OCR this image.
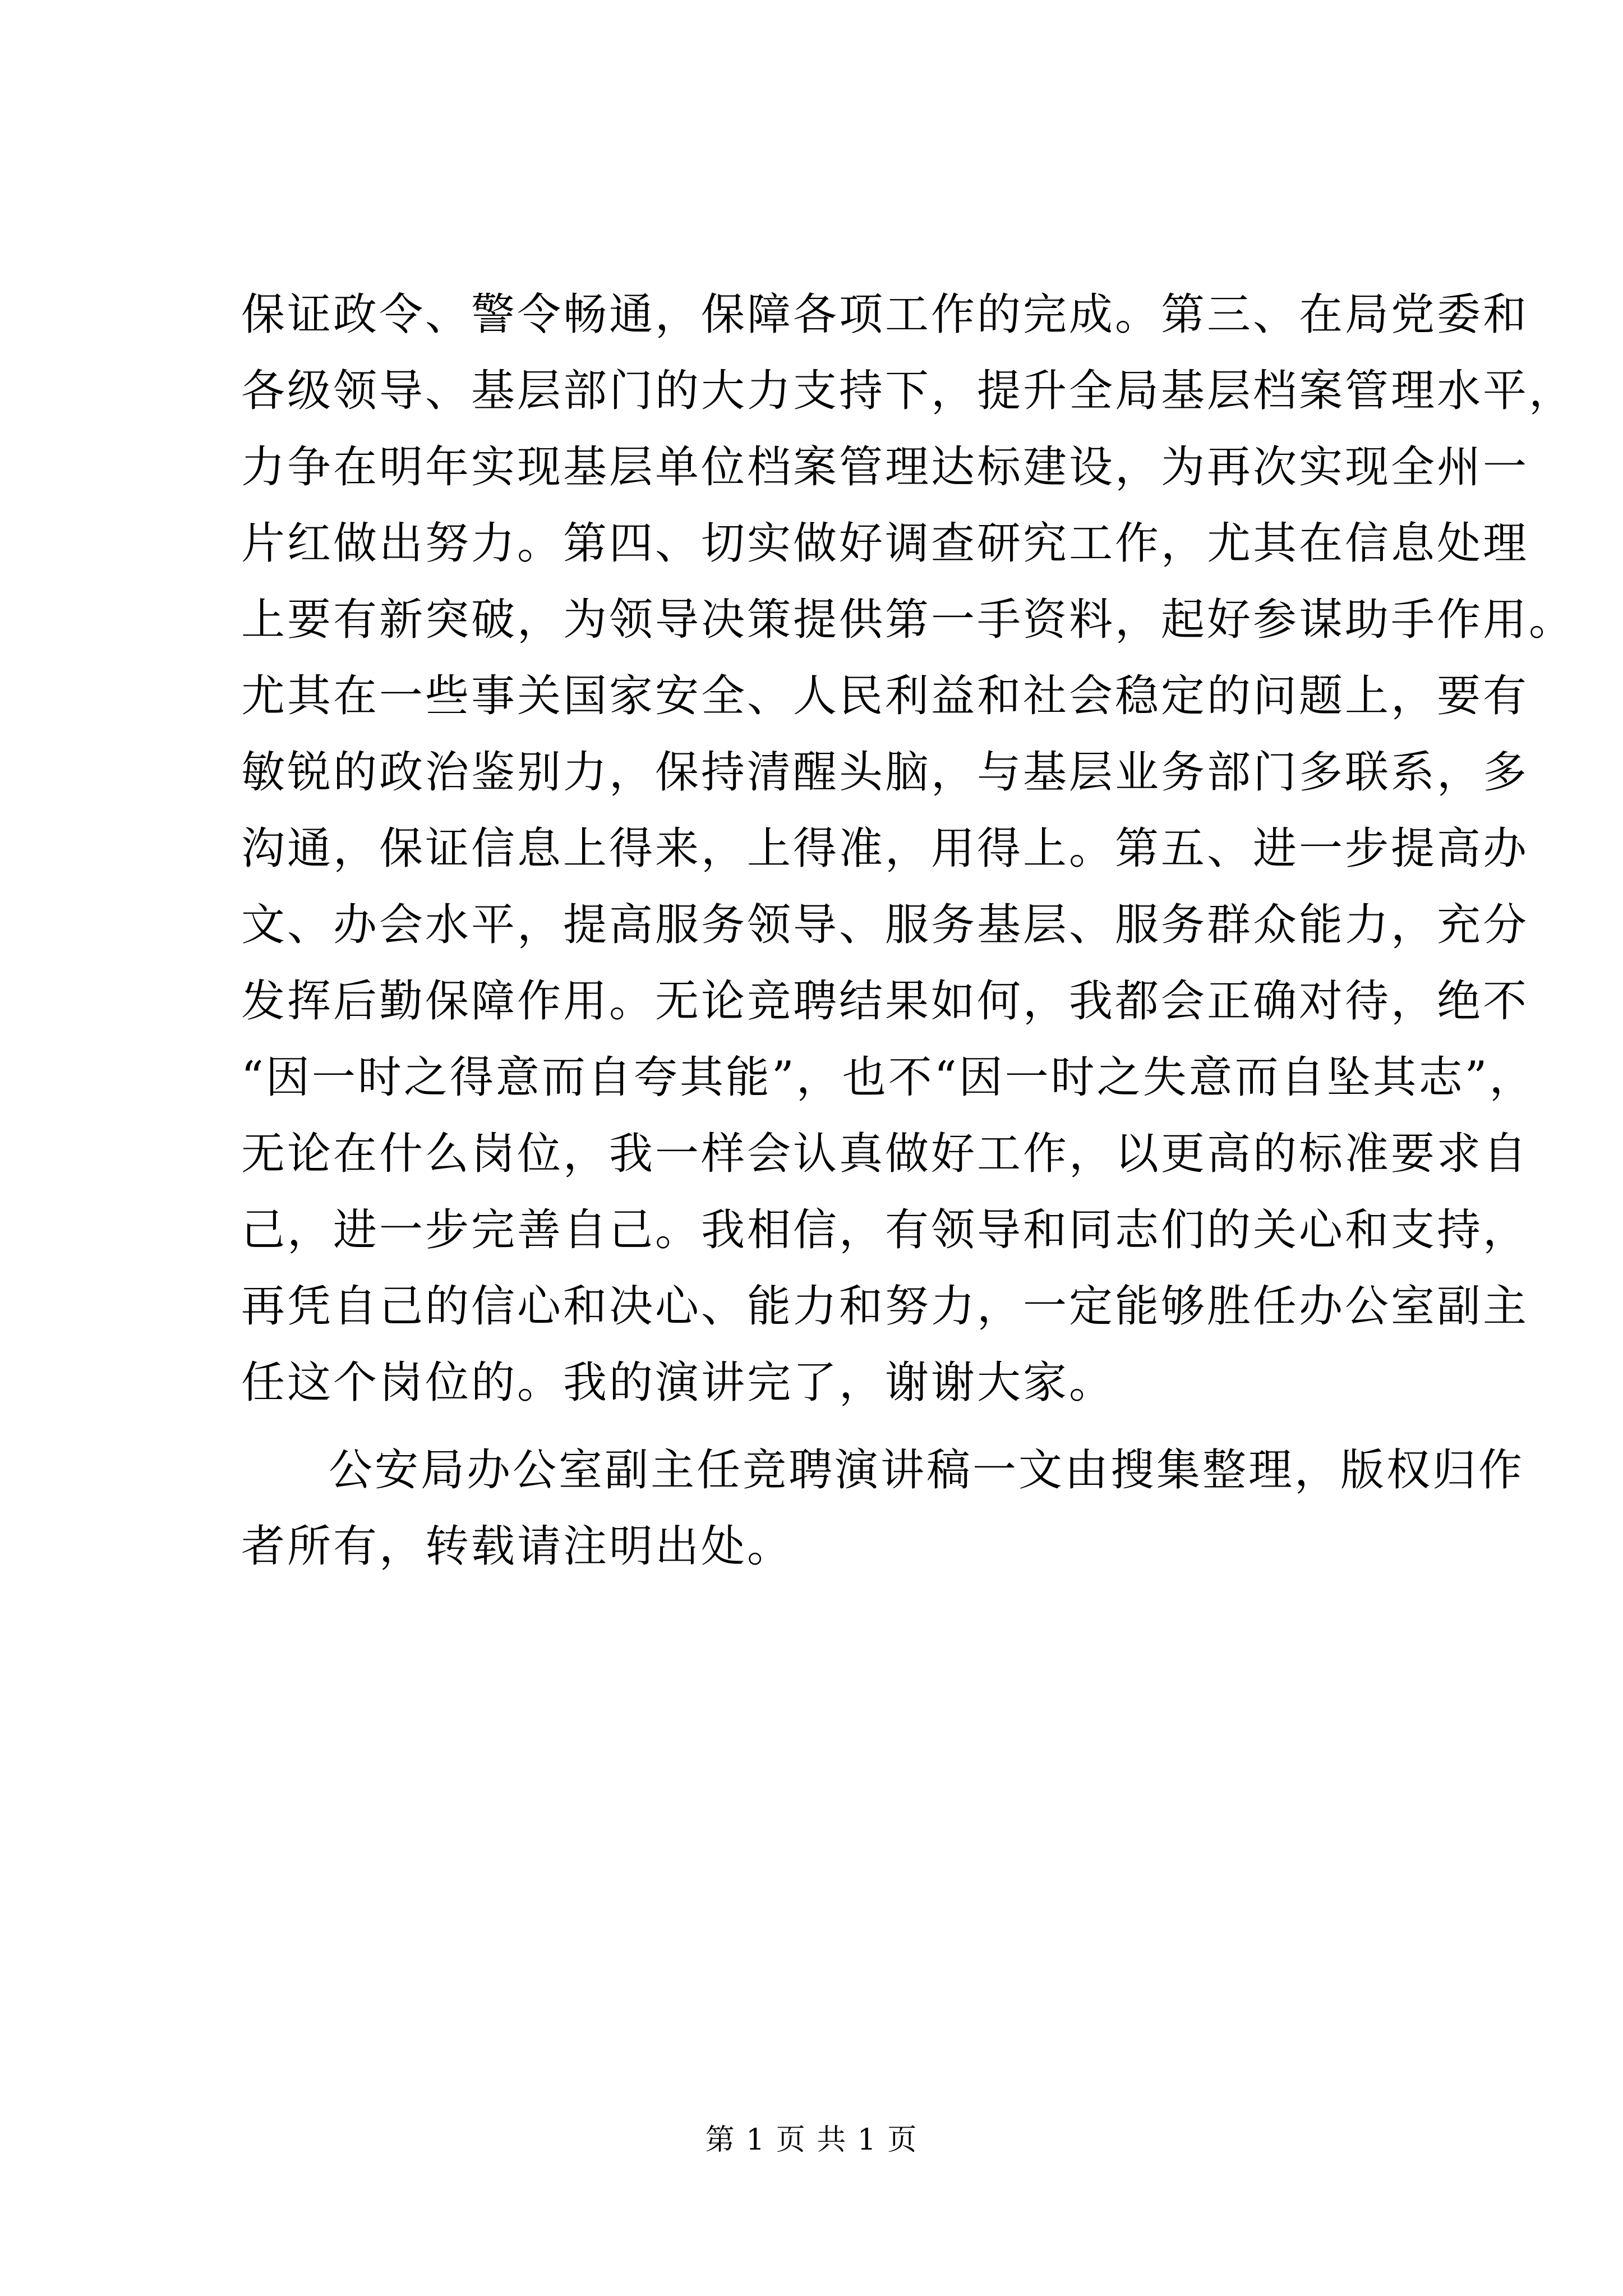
保证政令、警令畅通，保障各项工作的完成。第三、在局党委和
各级领导、基层部门的大力支持下，提升全局基层档案管理水平，
力争在明年实现基层单位档案管理达标建设，为再次实现全州一
片红做出努力。第四、切实做好调查研究工作，尤其在信息处理
上要有新突破，为领导决策提供第一手资料，起好参谋助手作用。
尤其在一些事关国家安全、人民利益和社会稳定的问题上，要有
敏锐的政治鉴别力，保持清醒头脑，与基层业务部门多联系，多
沟通，保证信息上得来，上得准，用得上。第五、进一步提高办
文、办会水平，提高服务领导、服务基层、服务群众能力，充分
发挥后勤保障作用。无论竞聘结果如何，我都会正确对待，绝不
“因一时之得意而自夸其能”，也不“因一时之失意而自坠其志”，
无论在什么岗位，我一样会认真做好工作，以更高的标准要求自
己，进一步完善自己。我相信，有领导和同志们的关心和支持，
再凭自己的信心和决心、能力和努力，一定能够胜任办公室副主
任这个岗位的。我的演讲完了，谢谢大家。
公安局办公室副主任竞聘演讲稿一文由搜集整理，版权归作
者所有，转载请注明出处。
第 1 页 共 1 页
